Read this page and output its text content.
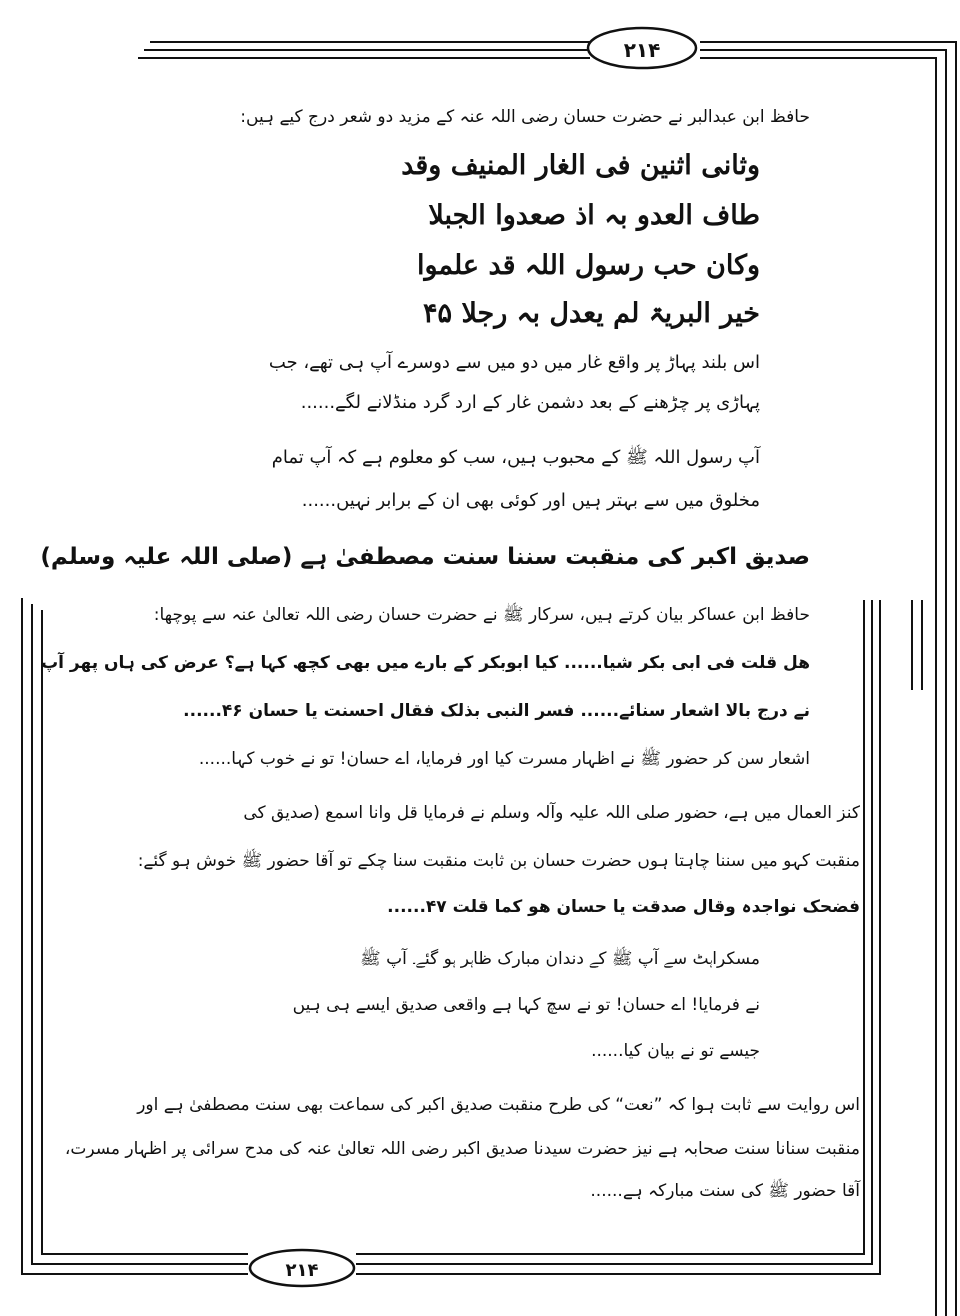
۲۱۴
۲۱۴
حافظ ابن عبدالبر نے حضرت حسان رضی اللہ عنہ کے مزید دو شعر درج کیے ہیں:
وثانی اثنین فی الغار المنیف وقد
طاف العدو بہ اذ صعدوا الجبلا
وکان حب رسول اللہ قد علموا
خیر البریۃ لم یعدل بہ رجلا ۴۵
اس بلند پہاڑ پر واقع غار میں دو میں سے دوسرے آپ ہی تھے، جب
پہاڑی پر چڑھنے کے بعد دشمن غار کے ارد گرد منڈلانے لگے......
آپ رسول اللہ ﷺ کے محبوب ہیں، سب کو معلوم ہے کہ آپ تمام
مخلوق میں سے بہتر ہیں اور کوئی بھی ان کے برابر نہیں......
صدیق اکبر کی منقبت سننا سنت مصطفیٰ ہے (صلی اللہ علیہ وسلم)
حافظ ابن عساکر بیان کرتے ہیں، سرکار ﷺ نے حضرت حسان رضی اللہ تعالیٰ عنہ سے پوچھا:
ھل قلت فی ابی بکر شیا...... کیا ابوبکر کے بارے میں بھی کچھ کہا ہے؟ عرض کی ہاں پھر آپ
نے درج بالا اشعار سنائے...... فسر النبی بذلک فقال احسنت یا حسان ۴۶......
اشعار سن کر حضور ﷺ نے اظہار مسرت کیا اور فرمایا، اے حسان! تو نے خوب کہا......
کنز العمال میں ہے، حضور صلی اللہ علیہ وآلہ وسلم نے فرمایا قل وانا اسمع (صدیق کی
منقبت کہو میں سننا چاہتا ہوں حضرت حسان بن ثابت منقبت سنا چکے تو آقا حضور ﷺ خوش ہو گئے:
فضحک نواجدہ وقال صدقت یا حسان ھو کما قلت ۴۷......
مسکراہٹ سے آپ ﷺ کے دندان مبارک ظاہر ہو گئے۔ آپ ﷺ
نے فرمایا! اے حسان! تو نے سچ کہا ہے واقعی صدیق ایسے ہی ہیں
جیسے تو نے بیان کیا......
اس روایت سے ثابت ہوا کہ ”نعت“ کی طرح منقبت صدیق اکبر کی سماعت بھی سنت مصطفیٰ ہے اور
منقبت سنانا سنت صحابہ ہے نیز حضرت سیدنا صدیق اکبر رضی اللہ تعالیٰ عنہ کی مدح سرائی پر اظہار مسرت،
آقا حضور ﷺ کی سنت مبارکہ ہے......
